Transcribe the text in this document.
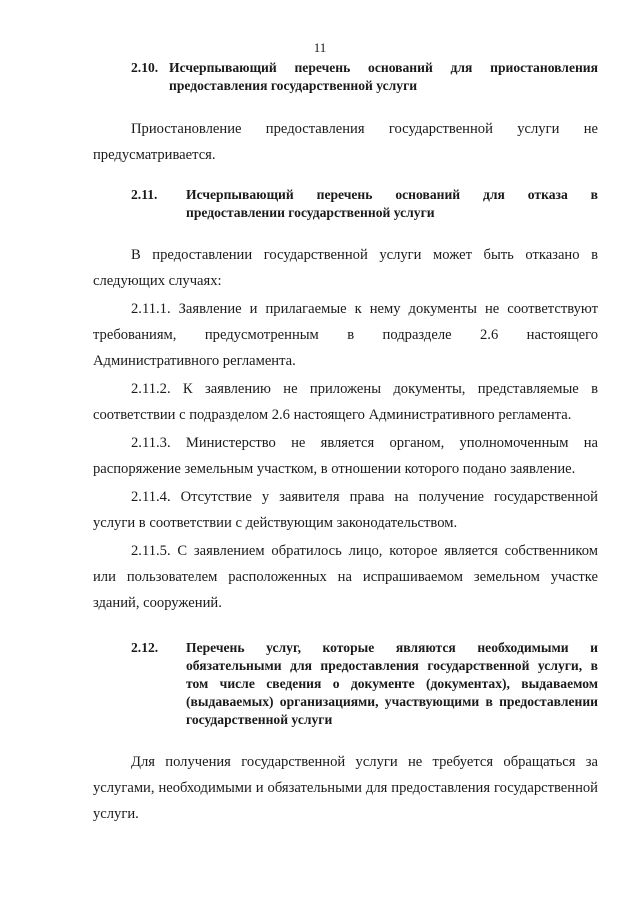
11
2.10. Исчерпывающий перечень оснований для приостановления предоставления государственной услуги

Приостановление предоставления государственной услуги не предусматривается.

2.11.	Исчерпывающий перечень оснований для отказа в предоставлении государственной услуги

В предоставлении государственной услуги может быть отказано в следующих случаях:

2.11.1. Заявление и прилагаемые к нему документы не соответствуют требованиям, предусмотренным в подразделе 2.6 настоящего Административного регламента.

2.11.2. К заявлению не приложены документы, представляемые в соответствии с подразделом 2.6 настоящего Административного регламента.

2.11.3. Министерство не является органом, уполномоченным на распоряжение земельным участком, в отношении которого подано заявление.

2.11.4. Отсутствие у заявителя права на получение государственной услуги в соответствии с действующим законодательством.

2.11.5. С заявлением обратилось лицо, которое является собственником или пользователем расположенных на испрашиваемом земельном участке зданий, сооружений.

2.12.	Перечень услуг, которые являются необходимыми и обязательными для предоставления государственной услуги, в том числе сведения о документе (документах), выдаваемом (выдаваемых) организациями, участвующими в предоставлении государственной услуги

Для получения государственной услуги не требуется обращаться за услугами, необходимыми и обязательными для предоставления государственной услуги.
